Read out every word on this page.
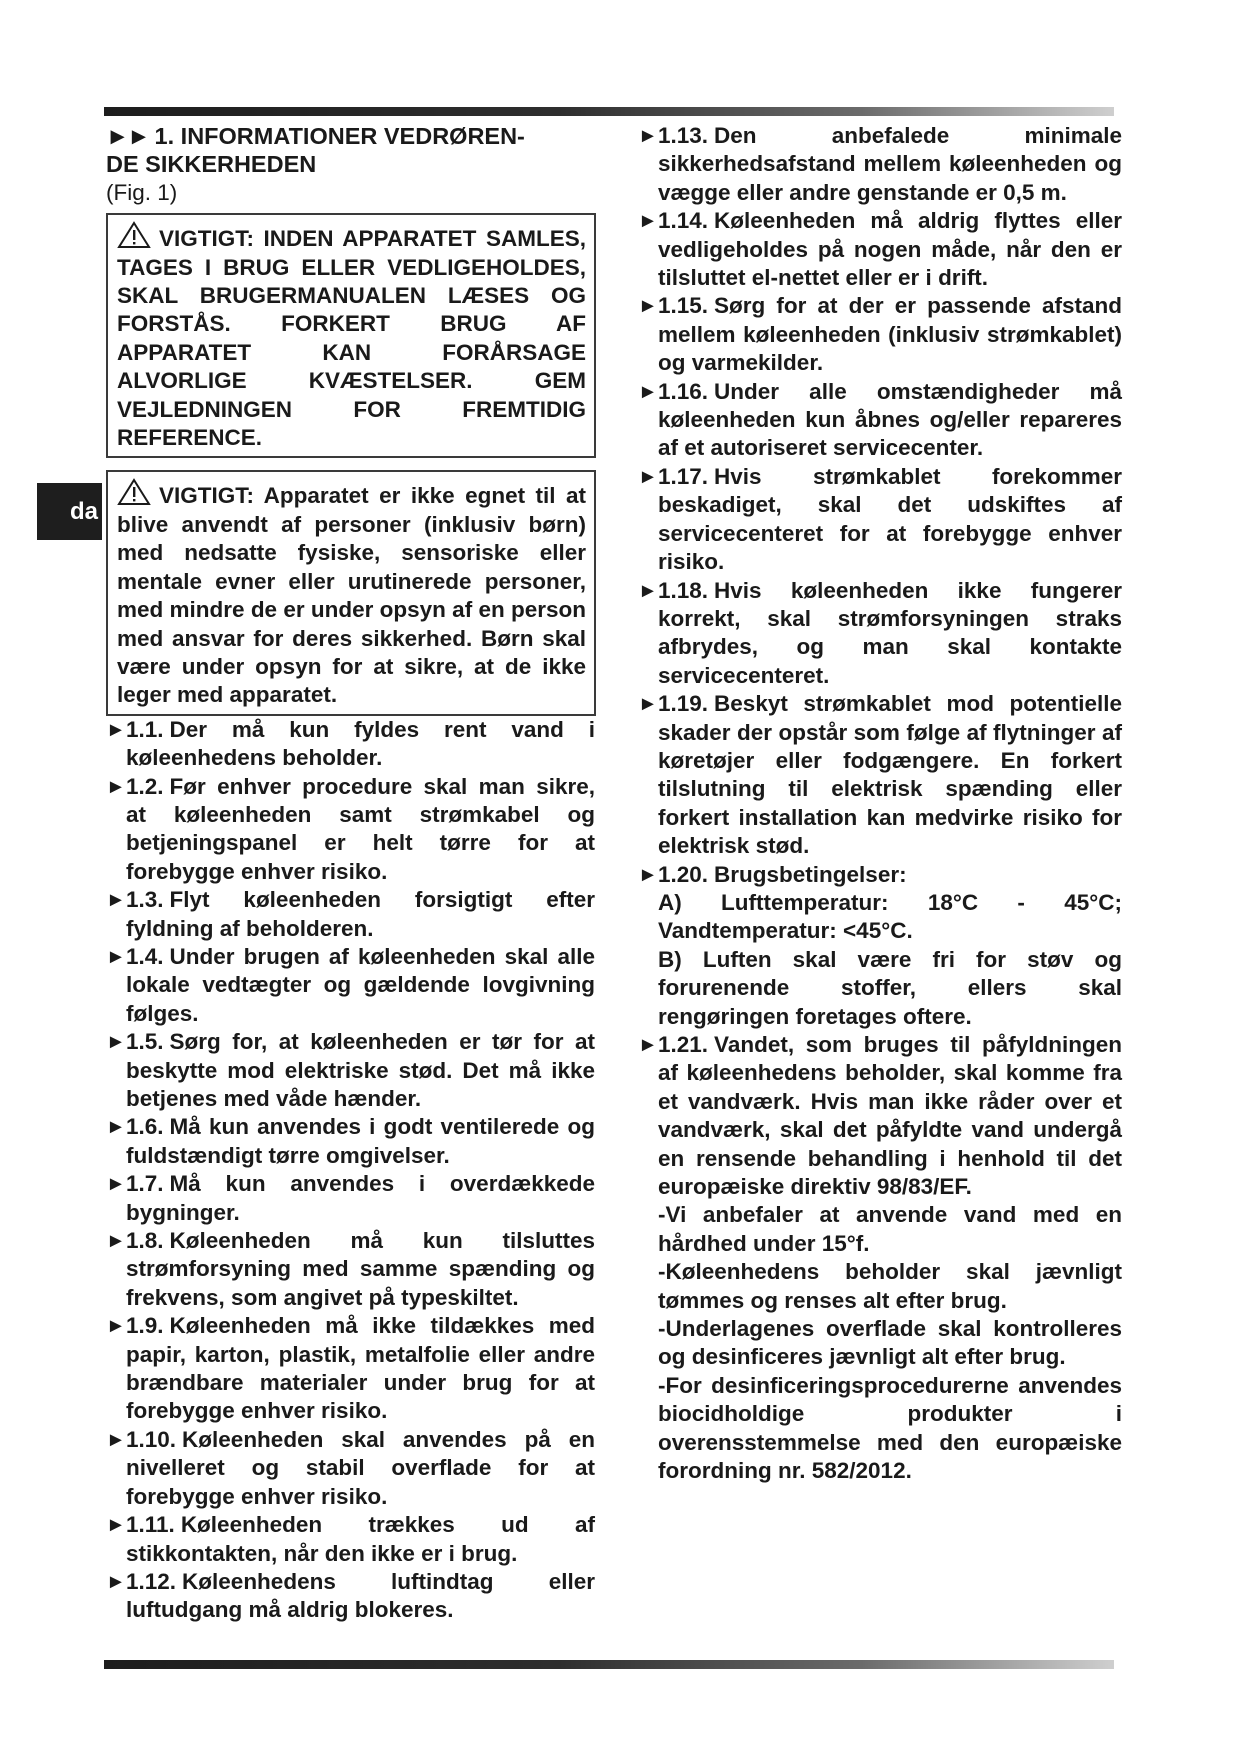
da
►► 1. INFORMATIONER VEDRØREN-
DE SIKKERHEDEN
(Fig. 1)
VIGTIGT: INDEN APPARATET SAMLES, TAGES I BRUG ELLER VEDLIGEHOLDES, SKAL BRUGERMANUALEN LÆSES OG FORSTÅS. FORKERT BRUG AF APPARATET KAN FORÅRSAGE ALVORLIGE KVÆSTELSER. GEM VEJLEDNINGEN FOR FREMTIDIG REFERENCE.
VIGTIGT: Apparatet er ikke egnet til at blive anvendt af personer (inklusiv børn) med nedsatte fysiske, sensoriske eller mentale evner eller urutinerede personer, med mindre de er under opsyn af en person med ansvar for deres sikkerhed. Børn skal være under opsyn for at sikre, at de ikke leger med apparatet.
► 1.1. Der må kun fyldes rent vand i køleenhedens beholder.

► 1.2. Før enhver procedure skal man sikre, at køleenheden samt strømkabel og betjeningspanel er helt tørre for at forebygge enhver risiko.

► 1.3. Flyt køleenheden forsigtigt efter fyldning af beholderen.

► 1.4. Under brugen af køleenheden skal alle lokale vedtægter og gældende lovgivning følges.

► 1.5. Sørg for, at køleenheden er tør for at beskytte mod elektriske stød. Det må ikke betjenes med våde hænder.

► 1.6. Må kun anvendes i godt ventilerede og fuldstændigt tørre omgivelser.

► 1.7. Må kun anvendes i overdækkede bygninger.

► 1.8. Køleenheden må kun tilsluttes strømforsyning med samme spænding og frekvens, som angivet på typeskiltet.

► 1.9. Køleenheden må ikke tildækkes med papir, karton, plastik, metalfolie eller andre brændbare materialer under brug for at forebygge enhver risiko.

► 1.10. Køleenheden skal anvendes på en nivelleret og stabil overflade for at forebygge enhver risiko.

► 1.11. Køleenheden trækkes ud af stikkontakten, når den ikke er i brug.

► 1.12. Køleenhedens luftindtag eller luftudgang må aldrig blokeres.

► 1.13. Den anbefalede minimale sikkerhedsafstand mellem køleenheden og vægge eller andre genstande er 0,5 m.

► 1.14. Køleenheden må aldrig flyttes eller vedligeholdes på nogen måde, når den er tilsluttet el-nettet eller er i drift.

► 1.15. Sørg for at der er passende afstand mellem køleenheden (inklusiv strømkablet) og varmekilder.

► 1.16. Under alle omstændigheder må køleenheden kun åbnes og/eller repareres af et autoriseret servicecenter.

► 1.17. Hvis strømkablet forekommer beskadiget, skal det udskiftes af servicecenteret for at forebygge enhver risiko.

► 1.18. Hvis køleenheden ikke fungerer korrekt, skal strømforsyningen straks afbrydes, og man skal kontakte servicecenteret.

► 1.19. Beskyt strømkablet mod potentielle skader der opstår som følge af flytninger af køretøjer eller fodgængere. En forkert tilslutning til elektrisk spænding eller forkert installation kan medvirke risiko for elektrisk stød.

► 1.20. Brugsbetingelser:

A) Lufttemperatur: 18°C - 45°C; Vandtemperatur: <45°C.

B) Luften skal være fri for støv og forurenende stoffer, ellers skal rengøringen foretages oftere.

► 1.21. Vandet, som bruges til påfyldningen af køleenhedens beholder, skal komme fra et vandværk. Hvis man ikke råder over et vandværk, skal det påfyldte vand undergå en rensende behandling i henhold til det europæiske direktiv 98/83/EF.

-Vi anbefaler at anvende vand med en hårdhed under 15°f.

-Køleenhedens beholder skal jævnligt tømmes og renses alt efter brug.

-Underlagenes overflade skal kontrolleres og desinficeres jævnligt alt efter brug.

-For desinficeringsprocedurerne anvendes biocidholdige produkter i overensstemmelse med den europæiske forordning nr. 582/2012.
